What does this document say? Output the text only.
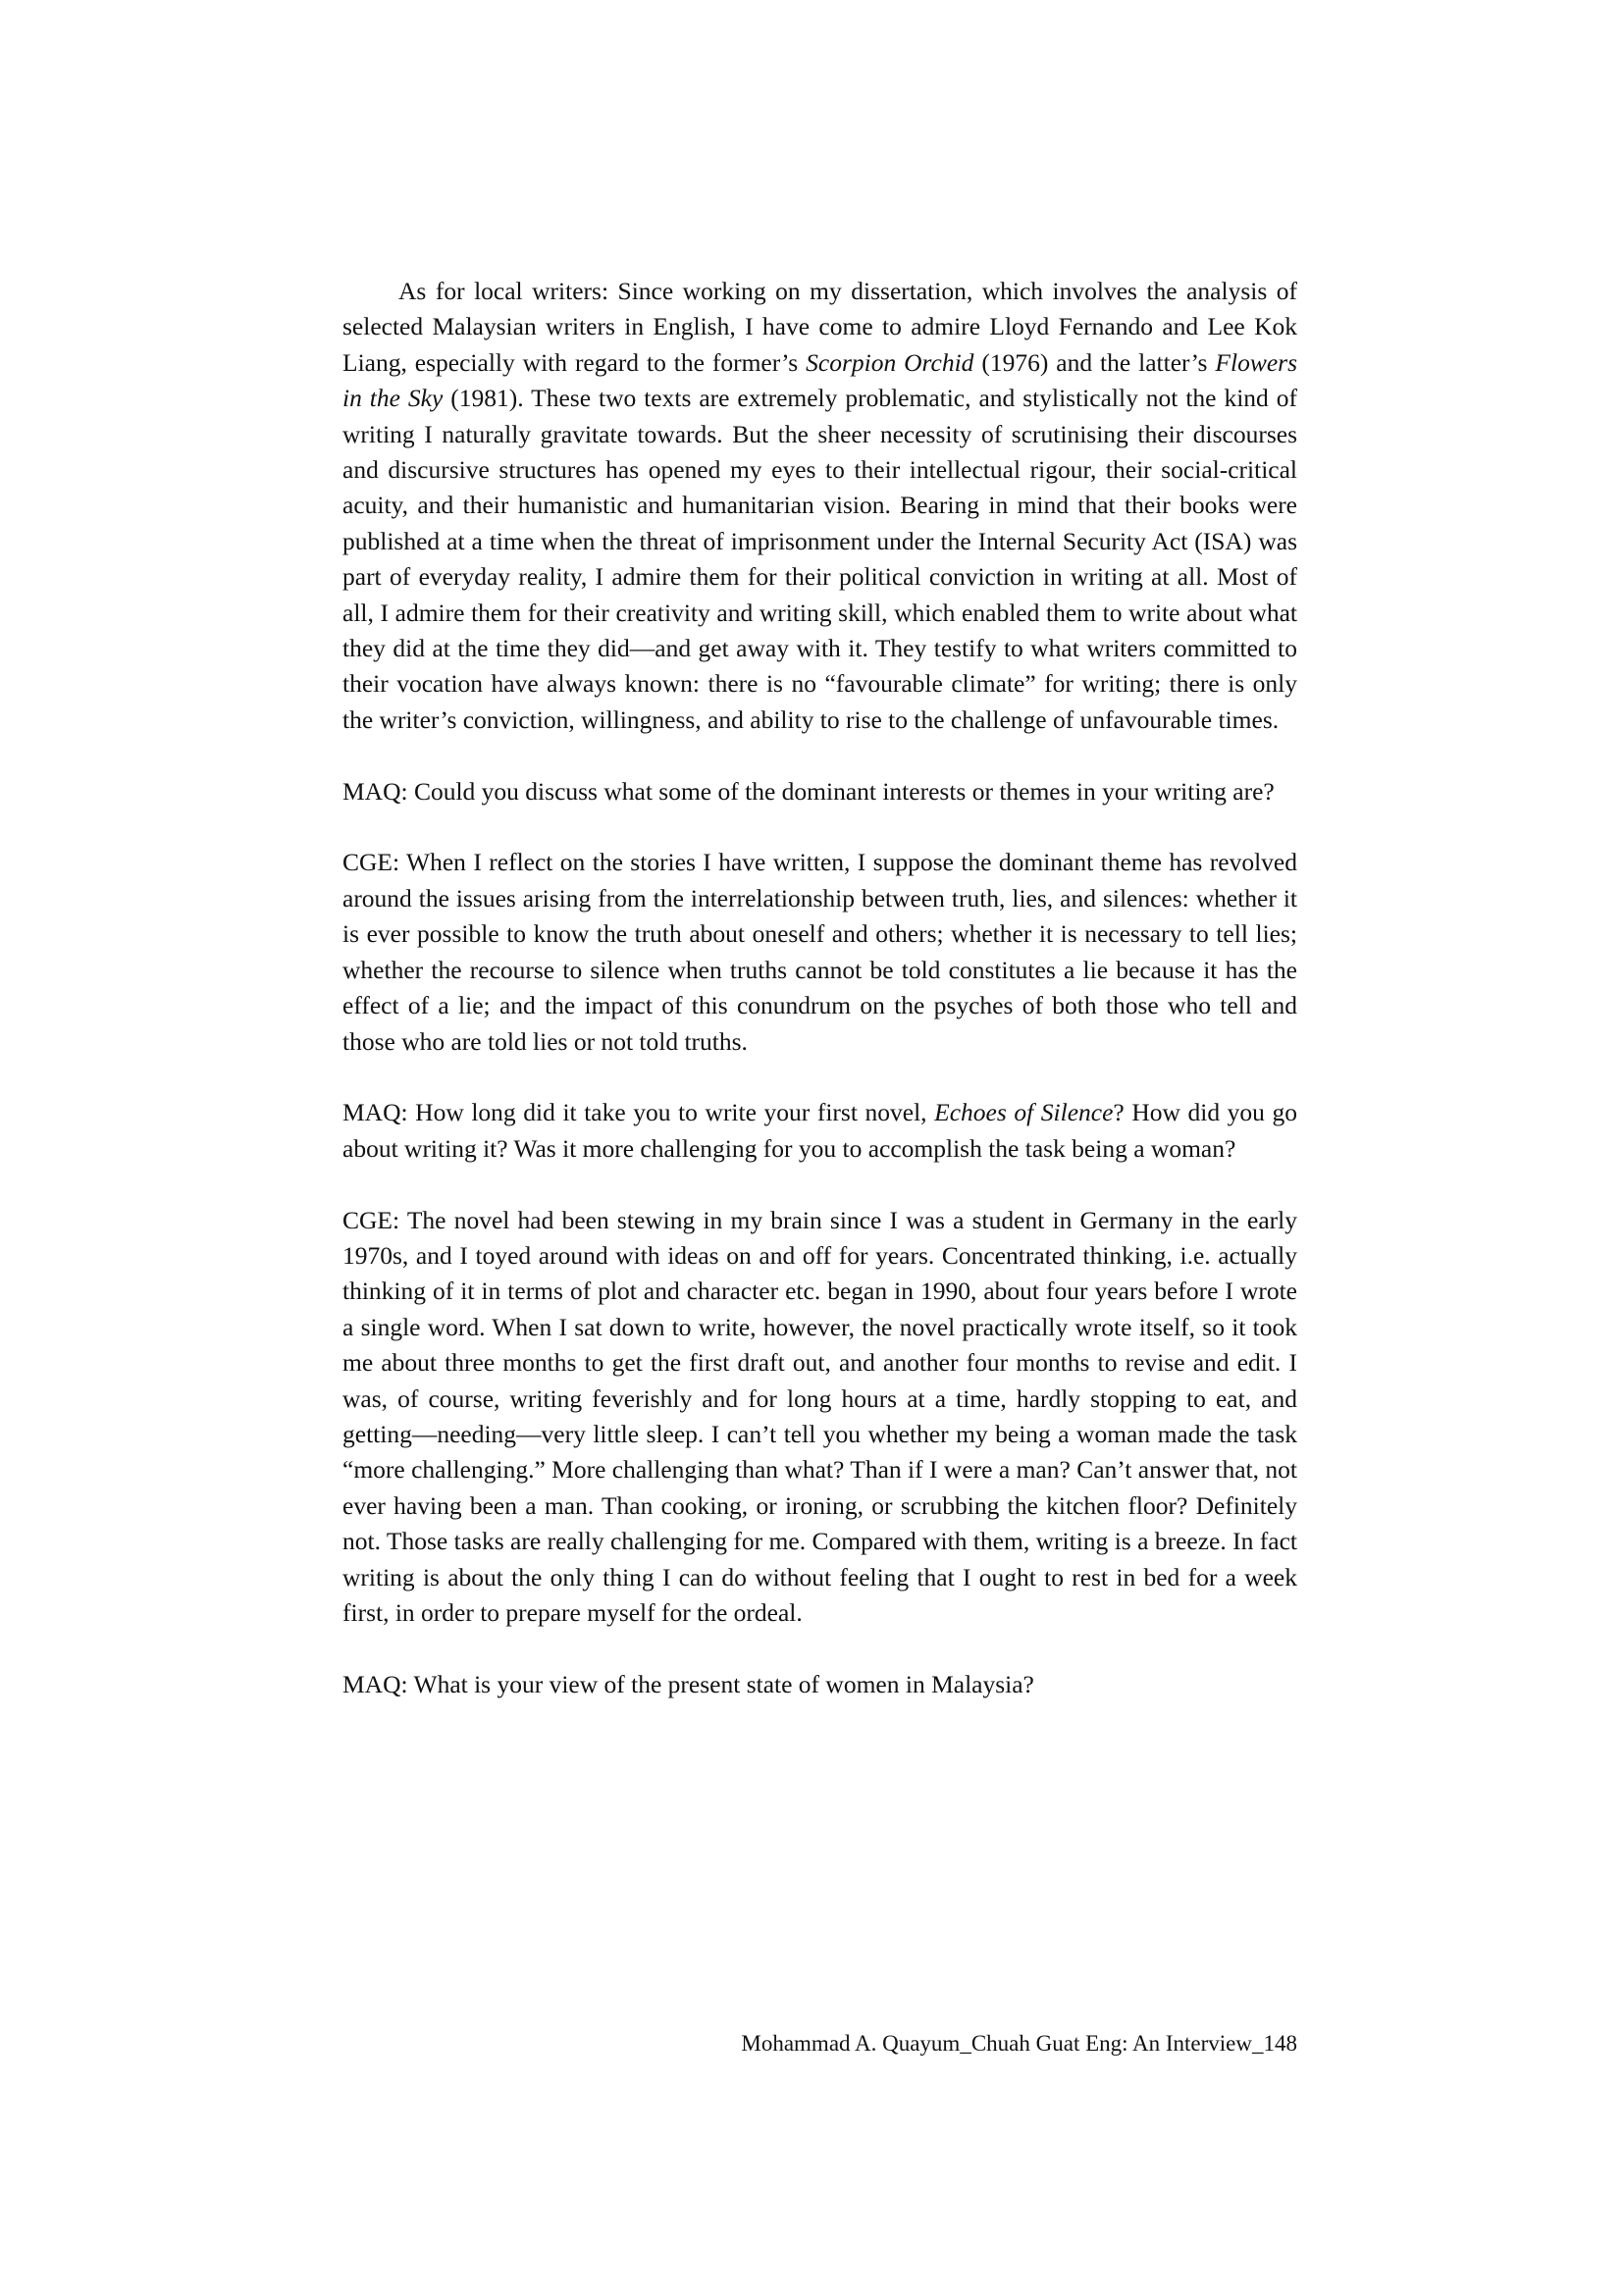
As for local writers: Since working on my dissertation, which involves the analysis of selected Malaysian writers in English, I have come to admire Lloyd Fernando and Lee Kok Liang, especially with regard to the former’s Scorpion Orchid (1976) and the latter’s Flowers in the Sky (1981). These two texts are extremely problematic, and stylistically not the kind of writing I naturally gravitate towards. But the sheer necessity of scrutinising their discourses and discursive structures has opened my eyes to their intellectual rigour, their social-critical acuity, and their humanistic and humanitarian vision. Bearing in mind that their books were published at a time when the threat of imprisonment under the Internal Security Act (ISA) was part of everyday reality, I admire them for their political conviction in writing at all. Most of all, I admire them for their creativity and writing skill, which enabled them to write about what they did at the time they did—and get away with it. They testify to what writers committed to their vocation have always known: there is no “favourable climate” for writing; there is only the writer’s conviction, willingness, and ability to rise to the challenge of unfavourable times.

MAQ: Could you discuss what some of the dominant interests or themes in your writing are?

CGE: When I reflect on the stories I have written, I suppose the dominant theme has revolved around the issues arising from the interrelationship between truth, lies, and silences: whether it is ever possible to know the truth about oneself and others; whether it is necessary to tell lies; whether the recourse to silence when truths cannot be told constitutes a lie because it has the effect of a lie; and the impact of this conundrum on the psyches of both those who tell and those who are told lies or not told truths.

MAQ: How long did it take you to write your first novel, Echoes of Silence? How did you go about writing it? Was it more challenging for you to accomplish the task being a woman?

CGE: The novel had been stewing in my brain since I was a student in Germany in the early 1970s, and I toyed around with ideas on and off for years. Concentrated thinking, i.e. actually thinking of it in terms of plot and character etc. began in 1990, about four years before I wrote a single word. When I sat down to write, however, the novel practically wrote itself, so it took me about three months to get the first draft out, and another four months to revise and edit. I was, of course, writing feverishly and for long hours at a time, hardly stopping to eat, and getting—needing—very little sleep. I can’t tell you whether my being a woman made the task “more challenging.” More challenging than what? Than if I were a man? Can’t answer that, not ever having been a man. Than cooking, or ironing, or scrubbing the kitchen floor? Definitely not. Those tasks are really challenging for me. Compared with them, writing is a breeze. In fact writing is about the only thing I can do without feeling that I ought to rest in bed for a week first, in order to prepare myself for the ordeal.

MAQ: What is your view of the present state of women in Malaysia?

Mohammad A. Quayum_Chuah Guat Eng: An Interview_148
